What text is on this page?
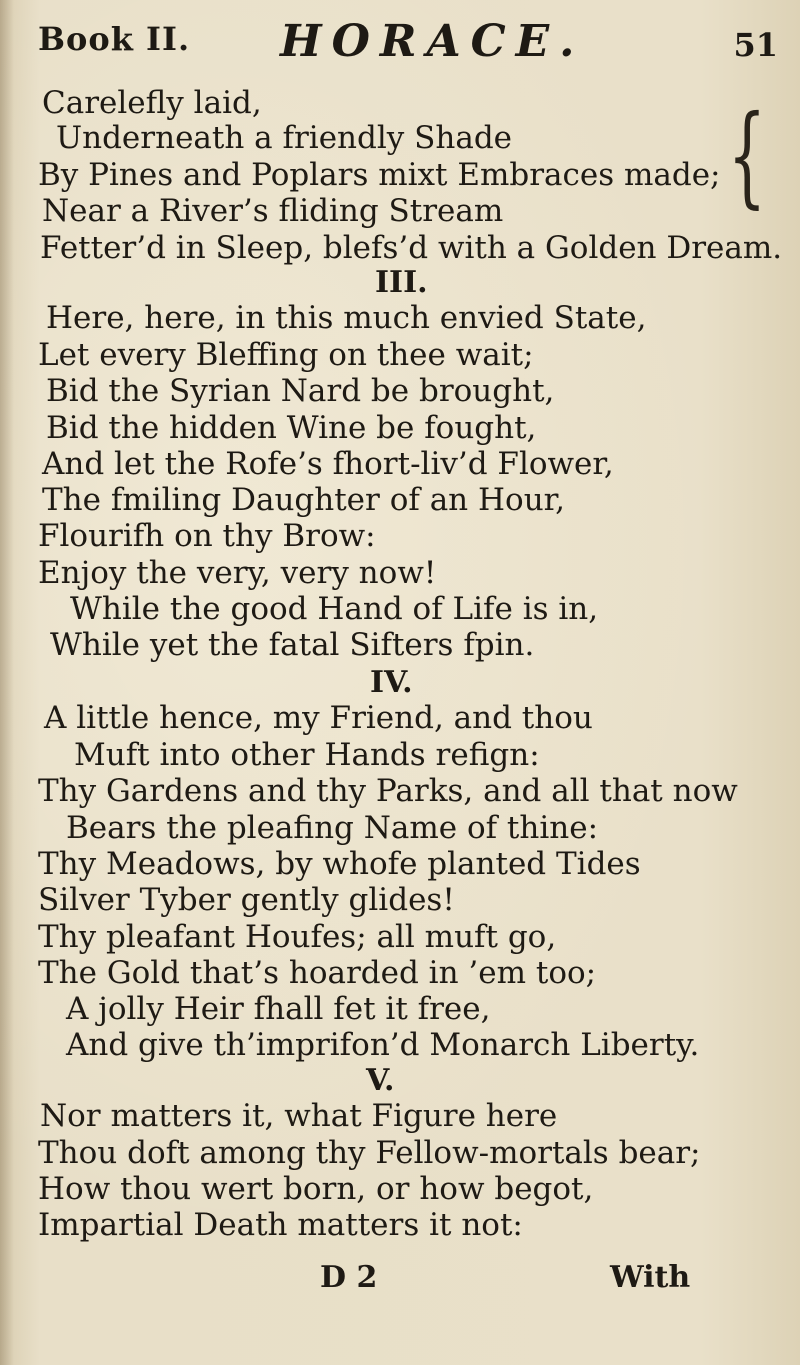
Book II. HORACE.	51
{
Carelefly laid,
Underneath a friendly Shade
By Pines and Poplars mixt Embraces made;
Near a River’s fliding Stream
Fetter’d in Sleep, blefs’d with a Golden Dream.
III.
Here, here, in this much envied State,
Let every Bleffing on thee wait;
Bid the Syrian Nard be brought,
Bid the hidden Wine be fought,
And let the Rofe’s fhort-liv’d Flower,
The fmiling Daughter of an Hour,
Flourifh on thy Brow:
Enjoy the very, very now!
While the good Hand of Life is in,
While yet the fatal Sifters fpin.
IV.
A little hence, my Friend, and thou
Muft into other Hands refign:
Thy Gardens and thy Parks, and all that now
Bears the pleafing Name of thine:
Thy Meadows, by whofe planted Tides
Silver Tyber gently glides!
Thy pleafant Houfes; all muft go,
The Gold that’s hoarded in ’em too;
A jolly Heir fhall fet it free,
And give th’imprifon’d Monarch Liberty.
V.
Nor matters it, what Figure here
Thou doft among thy Fellow-mortals bear;
How thou wert born, or how begot,
Impartial Death matters it not:
D 2	With
